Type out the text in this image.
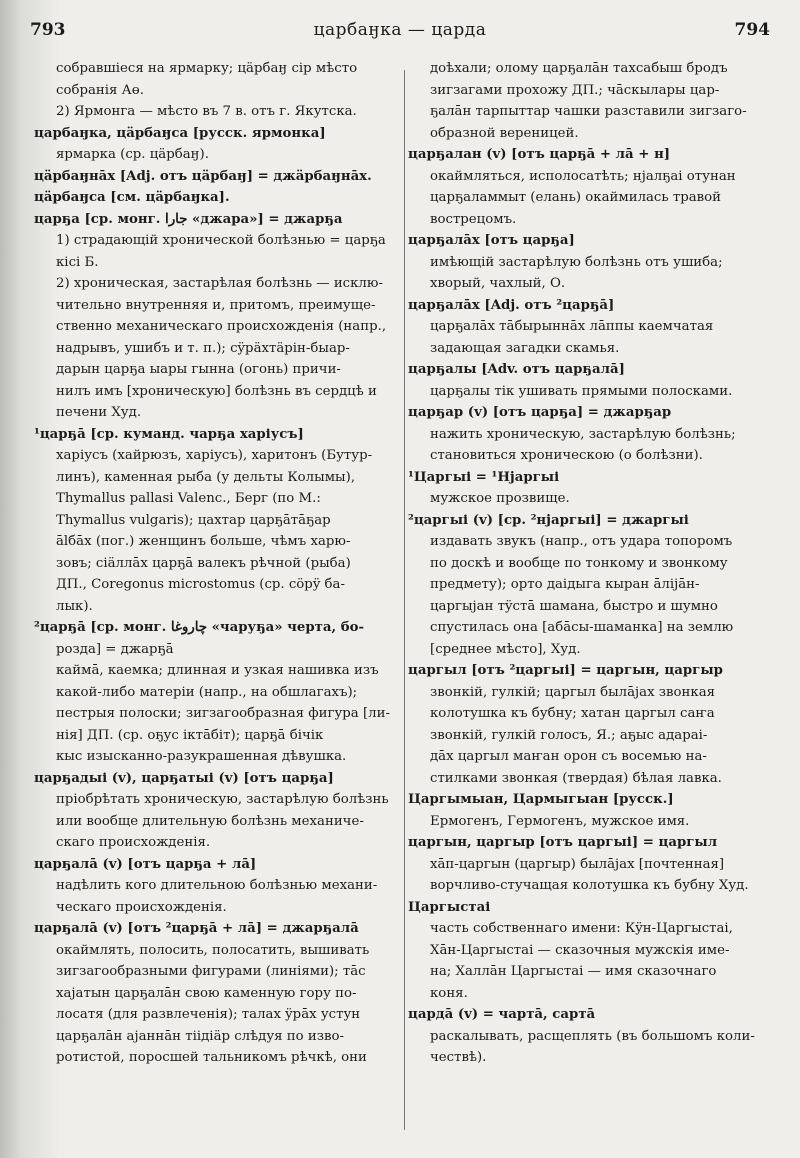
793	царбаӈка — царда	794
собравшіеся на ярмарку; цäрбаӈ сір мѣсто
собранія Аө.
2) Ярмонга — мѣсто въ 7 в. отъ г. Якутска.
царбаӈка, цäрбаӈса [русск. ярмонка]
ярмарка (ср. цäрбаӈ).
цäрбаӈнāх [Adj. отъ цäрбаӈ] = джäрбаӈнāх.
цäрбаӈса [см. цäрбаӈка].
царҕа [ср. монг. ﺟﺎﺭﺍ «джара»] = джарҕа
1) страдающій хронической болѣзнью = царҕа
кісі Б.
2) хроническая, застарѣлая болѣзнь — исклю-
чительно внутренняя и, притомъ, преимуще-
ственно механическаго происхожденія (напр.,
надрывъ, ушибъ и т. п.); сÿрäхтäрін-быар-
дарын царҕа ыары гынна (огонь) причи-
нилъ имъ [хроническую] болѣзнь въ сердцѣ и
печени Худ.
¹царҕā [ср. куманд. чарҕа харіусъ]
харіусъ (хайрюзъ, харіусъ), харитонъ (Бутур-
линъ), каменная рыба (у дельты Колымы),
Thymallus pallasi Valenc., Берг (по М.:
Thymallus vulgaris); цахтар царҕāтāҕар
ālбāх (пог.) женщинъ больше, чѣмъ харю-
зовъ; сіäллāх царҕā валекъ рѣчной (рыба)
ДП., Coregonus microstomus (ср. сöрÿ ба-
лык).
²царҕā [ср. монг. ﭼﺎﺭﻭﻏﺎ «чаруҕа» черта, бо-
розда] = джарҕā
каймā, каемка; длинная и узкая нашивка изъ
какой-либо матеріи (напр., на обшлагахъ);
пестрыя полоски; зигзагообразная фигура [ли-
нія] ДП. (ср. оҕус іктāбіт); царҕā бічік
кыс изысканно-разукрашенная дѣвушка.
царҕадыі (v), царҕатыі (v) [отъ царҕа]
пріобрѣтать хроническую, застарѣлую болѣзнь
или вообще длительную болѣзнь механиче-
скаго происхожденія.
царҕалā (v) [отъ царҕа + лā]
надѣлить кого длительною болѣзнью механи-
ческаго происхожденія.
царҕалā (v) [отъ ²царҕā + лā] = джарҕалā
окаймлять, полосить, полосатить, вышивать
зигзагообразными фигурами (линіями); тāс
хаjатын царҕалāн свою каменную гору по-
лосатя (для развлеченія); талах ÿрāх устун
царҕалāн аjаннāн тіідіäр слѣдуя по изво-
ротистой, поросшей тальникомъ рѣчкѣ, они
доѣхали; олому царҕалāн тахсабыш бродъ
зигзагами прохожу ДП.; чāскылары цар-
ҕалāн тарпыттар чашки разставили зигзаго-
образной вереницей.
царҕалан (v) [отъ царҕā + лā + н]
окаймляться, исполосатѣть; нjалҕаi отунан
царҕаламмыт (елань) окаймилась травой
вострецомъ.
царҕалāх [отъ царҕа]
имѣющій застарѣлую болѣзнь отъ ушиба;
хворый, чахлый, О.
царҕалāх [Adj. отъ ²царҕā]
царҕалāх тāбырыннāх лāппы каемчатая
задающая загадки скамья.
царҕалы [Adv. отъ царҕалā]
царҕалы тік ушивать прямыми полосками.
царҕар (v) [отъ царҕа] = джарҕар
нажить хроническую, застарѣлую болѣзнь;
становиться хроническою (о болѣзни).
¹Царгыі = ¹Нjаргыі
мужское прозвище.
²царгыі (v) [ср. ²нjаргыі] = джаргыі
издавать звукъ (напр., отъ удара топоромъ
по доскѣ и вообще по тонкому и звонкому
предмету); орто даідыга кыран āліjāн-
царгыjан тÿстā шамана, быстро и шумно
спустилась она [абāсы-шаманка] на землю
[среднее мѣсто], Худ.
царгыл [отъ ²царгыі] = царгын, царгыр
звонкій, гулкій; царгыл былājах звонкая
колотушка къ бубну; хатан царгыл саҥа
звонкій, гулкій голосъ, Я.; аҕыс адараі-
дāх царгыл маҥан орон съ восемью на-
стилками звонкая (твердая) бѣлая лавка.
Царгымыан, Цармыгыан [русск.]
Ермогенъ, Гермогенъ, мужское имя.
царгын, царгыр [отъ царгыі] = царгыл
хāп-царгын (царгыр) былājах [почтенная]
ворчливо-стучащая колотушка къ бубну Худ.
Царгыстаі
часть собственнаго имени: Кÿн-Царгыстаі,
Хāн-Царгыстаі — сказочныя мужскія име-
на; Халлāн Царгыстаі — имя сказочнаго
коня.
цардā (v) = чартā, сартā
раскалывать, расщеплять (въ большомъ коли-
чествѣ).
